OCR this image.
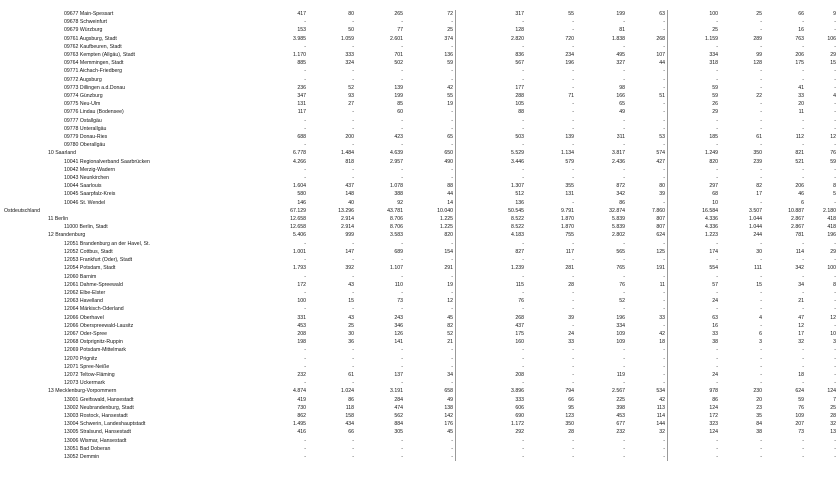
09677 Main-Spessart	417	80	265	72	317	55	199	63	100	25	66	9
09678 Schweinfurt	-	-	-	-	-	-	-	-	-	-	-	-
09679 Würzburg	153	50	77	25	128	-	81	-	25	-	16	-
09761 Augsburg, Stadt	3.985	1.059	2.601	374	2.820	720	1.838	268	1.159	289	763	106
09762 Kaufbeuren, Stadt	-	-	-	-	-	-	-	-	-	-	-	-
09763 Kempten (Allgäu), Stadt	1.170	333	701	136	836	234	495	107	334	99	206	29
09764 Memmingen, Stadt	885	324	502	59	567	196	327	44	318	128	175	15
09771 Aichach-Friedberg	-	-	-	-	-	-	-	-	-	-	-	-
09772 Augsburg	-	-	-	-	-	-	-	-	-	-	-	-
09773 Dillingen a.d.Donau	236	52	139	42	177	-	98	-	59	-	41	-
09774 Günzburg	347	93	199	55	288	71	166	51	59	22	33	4
09775 Neu-Ulm	131	27	85	19	105	-	65	-	26	-	20	-
09776 Lindau (Bodensee)	117	-	60	-	88	-	49	-	29	-	11	-
09777 Ostallgäu	-	-	-	-	-	-	-	-	-	-	-	-
09778 Unterallgäu	-	-	-	-	-	-	-	-	-	-	-	-
09779 Donau-Ries	688	200	423	65	503	139	311	53	185	61	112	12
09780 Oberallgäu	-	-	-	-	-	-	-	-	-	-	-	-
10 Saarland	6.778	1.484	4.639	650	5.529	1.134	3.817	574	1.249	350	821	76
10041 Regionalverband Saarbrücken	4.266	818	2.957	490	3.446	579	2.436	427	820	239	521	59
10042 Merzig-Wadern	-	-	-	-	-	-	-	-	-	-	-	-
10043 Neunkirchen	-	-	-	-	-	-	-	-	-	-	-	-
10044 Saarlouis	1.604	437	1.078	88	1.307	355	872	80	297	82	206	8
10045 Saarpfalz-Kreis	580	148	388	44	512	131	342	39	68	17	46	5
10046 St. Wendel	146	40	92	14	136	-	86	-	10	-	6	-
Ostdeutschland	67.129	13.296	43.781	10.040	50.545	9.791	32.874	7.860	16.584	3.507	10.887	2.180
11 Berlin	12.658	2.914	8.706	1.225	8.522	1.870	5.839	807	4.336	1.044	2.867	418
11000 Berlin, Stadt	12.658	2.914	8.706	1.225	8.522	1.870	5.839	807	4.336	1.044	2.867	418
12 Brandenburg	5.406	999	3.583	820	4.183	755	2.802	624	1.223	244	781	196
12051 Brandenburg an der Havel, St.	-	-	-	-	-	-	-	-	-	-	-	-
12052 Cottbus, Stadt	1.001	147	689	154	827	117	565	125	174	30	114	29
12053 Frankfurt (Oder), Stadt	-	-	-	-	-	-	-	-	-	-	-	-
12054 Potsdam, Stadt	1.793	392	1.107	291	1.239	281	765	191	554	111	342	100
12060 Barnim	-	-	-	-	-	-	-	-	-	-	-	-
12061 Dahme-Spreewald	172	43	110	19	115	28	76	11	57	15	34	8
12062 Elbe-Elster	-	-	-	-	-	-	-	-	-	-	-	-
12063 Havelland	100	15	73	12	76	-	52	-	24	-	21	-
12064 Märkisch-Oderland	-	-	-	-	-	-	-	-	-	-	-	-
12066 Oberhavel	331	43	243	45	268	39	196	33	63	4	47	12
12066 Oberspreewald-Lausitz	453	25	346	82	437	-	334	-	16	-	12	-
12067 Oder-Spree	208	30	126	52	175	24	109	42	33	6	17	10
12068 Ostprignitz-Ruppin	198	36	141	21	160	33	109	18	38	3	32	3
12069 Potsdam-Mittelmark	-	-	-	-	-	-	-	-	-	-	-	-
12070 Prignitz	-	-	-	-	-	-	-	-	-	-	-	-
12071 Spree-Neiße	-	-	-	-	-	-	-	-	-	-	-	-
12072 Teltow-Fläming	232	61	137	34	208	-	119	-	24	-	18	-
12073 Uckermark	-	-	-	-	-	-	-	-	-	-	-	-
13 Mecklenburg-Vorpommern	4.874	1.024	3.191	658	3.896	794	2.567	534	978	230	624	124
13001 Greifswald, Hansestadt	419	86	284	49	333	66	225	42	86	20	59	7
13002 Neubrandenburg, Stadt	730	118	474	138	606	95	398	113	124	23	76	25
13003 Rostock, Hansestadt	862	158	562	142	690	123	453	114	172	35	109	28
13004 Schwerin, Landeshauptstadt	1.495	434	884	176	1.172	350	677	144	323	84	207	32
13005 Stralsund, Hansestadt	416	66	305	45	292	28	232	32	124	38	73	13
13006 Wismar, Hansestadt	-	-	-	-	-	-	-	-	-	-	-	-
13051 Bad Doberan	-	-	-	-	-	-	-	-	-	-	-	-
13052 Demmin	-	-	-	-	-	-	-	-	-	-	-	-
